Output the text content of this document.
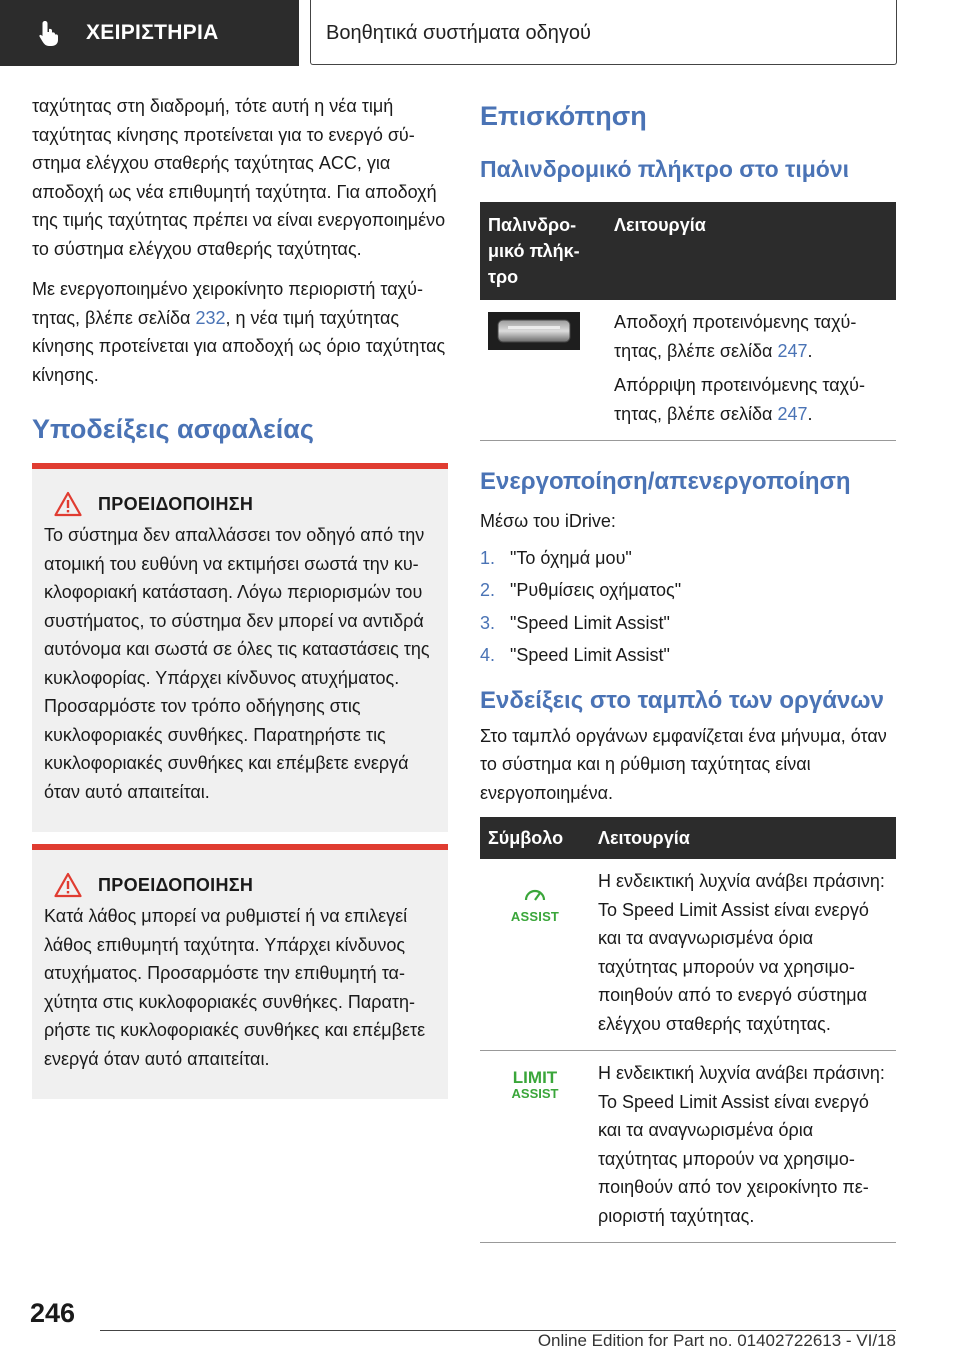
ΧΕΙΡΙΣΤΗΡΙΑ	Βοηθητικά συστήματα οδηγού

ταχύτητας στη διαδρομή, τότε αυτή η νέα τιμή ταχύτητας κίνησης προτείνεται για το ενεργό σύστημα ελέγχου σταθερής ταχύτητας ACC, για αποδοχή ως νέα επιθυμητή ταχύτητα. Για αποδοχή της τιμής ταχύτητας πρέπει να είναι ενεργοποιημένο το σύστημα ελέγχου σταθερής ταχύτητας.

Με ενεργοποιημένο χειροκίνητο περιοριστή ταχύτητας, βλέπε σελίδα 232, η νέα τιμή ταχύτητας κίνησης προτείνεται για αποδοχή ως όριο ταχύτητας κίνησης.

Υποδείξεις ασφαλείας
ΠΡΟΕΙΔΟΠΟΙΗΣΗ

Το σύστημα δεν απαλλάσσει τον οδηγό από την ατομική του ευθύνη να εκτιμήσει σωστά την κυκλοφοριακή κατάσταση. Λόγω περιορισμών του συστήματος, το σύστημα δεν μπορεί να αντιδρά αυτόνομα και σωστά σε όλες τις καταστάσεις της κυκλοφορίας. Υπάρχει κίνδυνος ατυχήματος. Προσαρμόστε τον τρόπο οδήγησης στις κυκλοφοριακές συνθήκες. Παρατηρήστε τις κυκλοφοριακές συνθήκες και επέμβετε ενεργά όταν αυτό απαιτείται.

ΠΡΟΕΙΔΟΠΟΙΗΣΗ

Κατά λάθος μπορεί να ρυθμιστεί ή να επιλεγεί λάθος επιθυμητή ταχύτητα. Υπάρχει κίνδυνος ατυχήματος. Προσαρμόστε την επιθυμητή ταχύτητα στις κυκλοφοριακές συνθήκες. Παρατηρήστε τις κυκλοφοριακές συνθήκες και επέμβετε ενεργά όταν αυτό απαιτείται.

Επισκόπηση
Παλινδρομικό πλήκτρο στο τιμόνι
Παλινδρομικό πλήκτρο	Λειτουργία

Αποδοχή προτεινόμενης ταχύτητας, βλέπε σελίδα 247.

Απόρριψη προτεινόμενης ταχύτητας, βλέπε σελίδα 247.

Ενεργοποίηση/απενεργοποίηση

Μέσω του iDrive:

1. "Το όχημά μου"
2. "Ρυθμίσεις οχήματος"
3. "Speed Limit Assist"
4. "Speed Limit Assist"
Ενδείξεις στο ταμπλό των οργάνων

Στο ταμπλό οργάνων εμφανίζεται ένα μήνυμα, όταν το σύστημα και η ρύθμιση ταχύτητας είναι ενεργοποιημένα.

Σύμβολο	Λειτουργία

ASSIST	Η ενδεικτική λυχνία ανάβει πράσινη: Το Speed Limit Assist είναι ενεργό και τα αναγνωρισμένα όρια ταχύτητας μπορούν να χρησιμοποιηθούν από το ενεργό σύστημα ελέγχου σταθερής ταχύτητας.

LIMIT
ASSIST	Η ενδεικτική λυχνία ανάβει πράσινη: Το Speed Limit Assist είναι ενεργό και τα αναγνωρισμένα όρια ταχύτητας μπορούν να χρησιμοποιηθούν από τον χειροκίνητο περιοριστή ταχύτητας.
246
Online Edition for Part no. 01402722613 - VI/18
